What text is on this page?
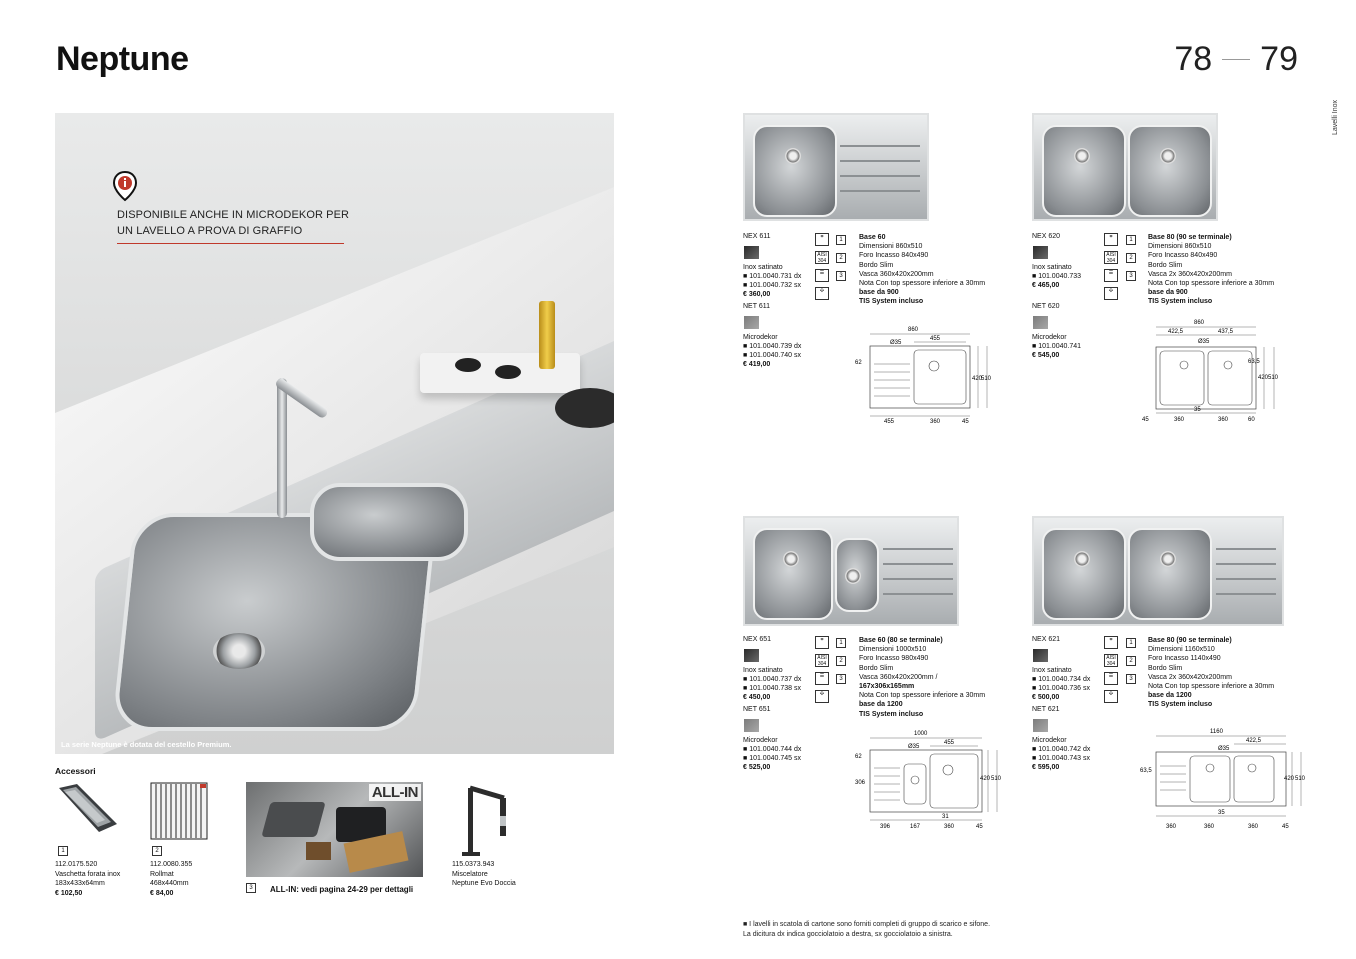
Neptune	78 79
Lavelli Inox
DISPONIBILE ANCHE IN MICRODEKOR PER
UN LAVELLO A PROVA DI GRAFFIO
La serie Neptune è dotata del cestello Premium.
Accessori
1
112.0175.520
Vaschetta forata inox
183x433x64mm
€ 102,50
2
112.0080.355
Rollmat
468x440mm
€ 84,00
ALL-IN
3	ALL-IN: vedi pagina 24-29 per dettagli
115.0373.943
Miscelatore
Neptune Evo Doccia
NEX 611
Inox satinato
■ 101.0040.731 dx
■ 101.0040.732 sx
€ 360,00
NET 611
Microdekor
■ 101.0040.739 dx
■ 101.0040.740 sx
€ 419,00
⌗
AISI 304
☰
✣
1
2
3
Base 60
Dimensioni 860x510
Foro Incasso 840x490
Bordo Slim
Vasca 360x420x200mm
Nota Con top spessore inferiore a 30mm
base da 900
TIS System incluso
860
455
Ø35
420
510
62
455	360	45
NEX 620
Inox satinato
■ 101.0040.733
€ 465,00
NET 620
Microdekor
■ 101.0040.741
€ 545,00
⌗
AISI 304
☰
✣
1
2
3
Base 80 (90 se terminale)
Dimensioni 860x510
Foro Incasso 840x490
Bordo Slim
Vasca 2x 360x420x200mm
Nota Con top spessore inferiore a 30mm
base da 900
TIS System incluso
860
422,5	437,5
Ø35
63,5
420 510
35
45	360	360	60
NEX 651
Inox satinato
■ 101.0040.737 dx
■ 101.0040.738 sx
€ 450,00
NET 651
Microdekor
■ 101.0040.744 dx
■ 101.0040.745 sx
€ 525,00
⌗
AISI 304
☰
✣
1
2
3
Base 60 (80 se terminale)
Dimensioni 1000x510
Foro Incasso 980x490
Bordo Slim
Vasca 360x420x200mm /
167x306x165mm
Nota Con top spessore inferiore a 30mm
base da 1200
TIS System incluso
1000
455
Ø35
420 510
62
306
31
396	167	360	45
NEX 621
Inox satinato
■ 101.0040.734 dx
■ 101.0040.736 sx
€ 500,00
NET 621
Microdekor
■ 101.0040.742 dx
■ 101.0040.743 sx
€ 595,00
⌗
AISI 304
☰
✣
1
2
3
Base 80 (90 se terminale)
Dimensioni 1160x510
Foro Incasso 1140x490
Bordo Slim
Vasca 2x 360x420x200mm
Nota Con top spessore inferiore a 30mm
base da 1200
TIS System incluso
1160
422,5
Ø35
63,5
420 510
35
360	360	360	45
■ I lavelli in scatola di cartone sono forniti completi di gruppo di scarico e sifone.
La dicitura dx indica gocciolatoio a destra, sx gocciolatoio a sinistra.
